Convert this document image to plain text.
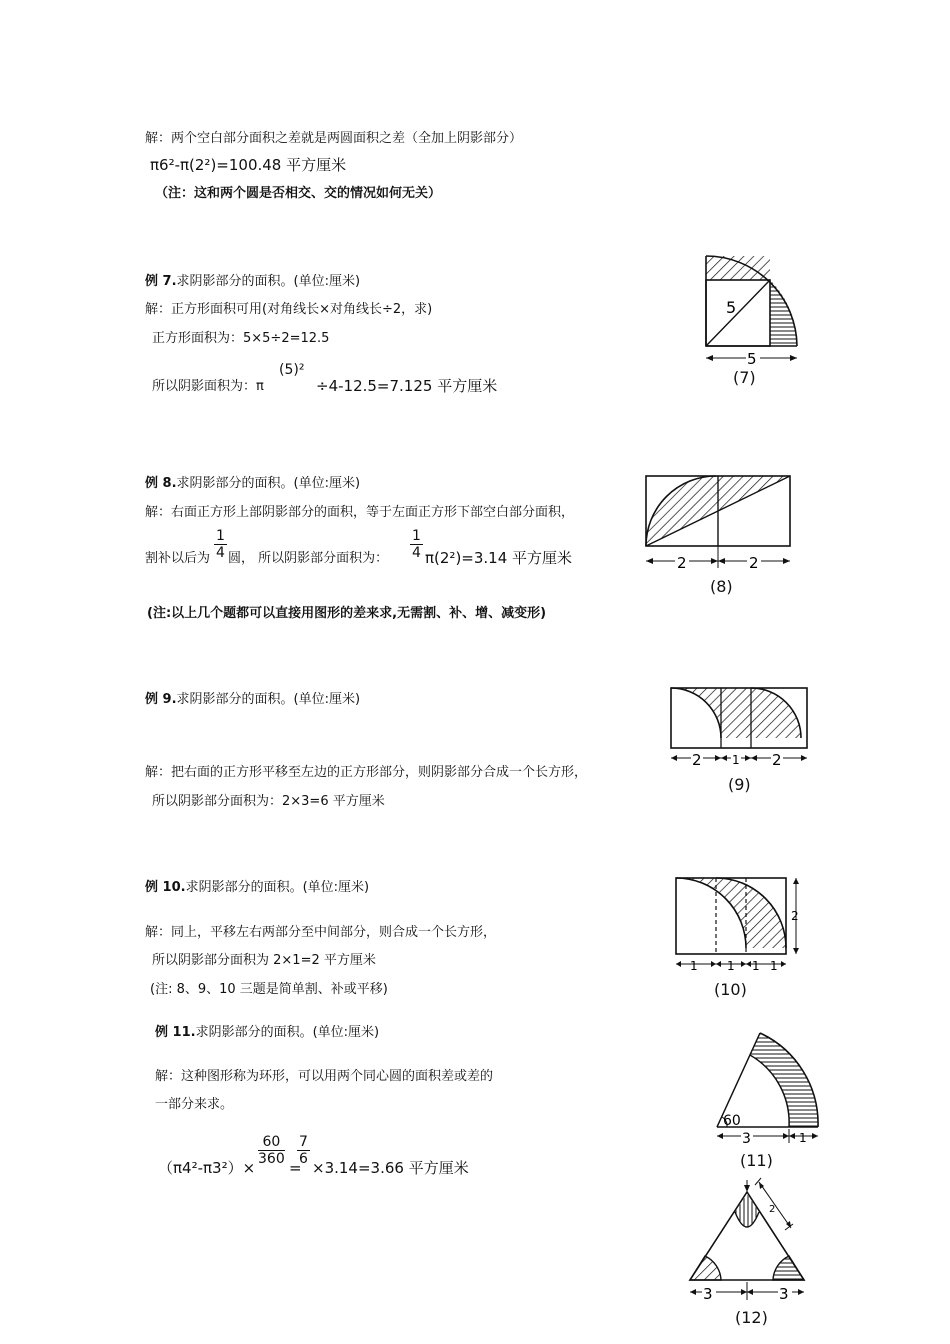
解：两个空白部分面积之差就是两圆面积之差（全加上阴影部分）
π6²-π(2²)=100.48 平方厘米
（注：这和两个圆是否相交、交的情况如何无关）
例 7.求阴影部分的面积。(单位:厘米)
解：正方形面积可用(对角线长×对角线长÷2，求)
正方形面积为：5×5÷2=12.5
所以阴影面积为：π
(5)²
÷4-12.5=7.125 平方厘米
5
5
(7)
例 8.求阴影部分的面积。(单位:厘米)
解：右面正方形上部阴影部分的面积，等于左面正方形下部空白部分面积，
割补以后为 $\frac{1}{4}$ 圆， 所以阴影部分面积为： $\frac{1}{4} \pi(2^2)=3.14$ 平方厘米	2	2
(8)
(注:以上几个题都可以直接用图形的差来求,无需割、补、增、减变形)
例 9.求阴影部分的面积。(单位:厘米)
解：把右面的正方形平移至左边的正方形部分，则阴影部分合成一个长方形，
所以阴影部分面积为：2×3=6 平方厘米
2	1 2
(9)
例 10.求阴影部分的面积。(单位:厘米)
解：同上，平移左右两部分至中间部分，则合成一个长方形，
所以阴影部分面积为 2×1=2 平方厘米
(注: 8、9、10 三题是简单割、补或平移)
1 1 1 1
2
(10)
例 11.求阴影部分的面积。(单位:厘米)
解：这种图形称为环形，可以用两个同心圆的面积差或差的
一部分来求。
（π4²-π3²）×
$\frac{60}{360}$
=
$\frac{7}{6}$
×3.14=3.66 平方厘米
60
3	1
(11)
2
3	3
(12)
